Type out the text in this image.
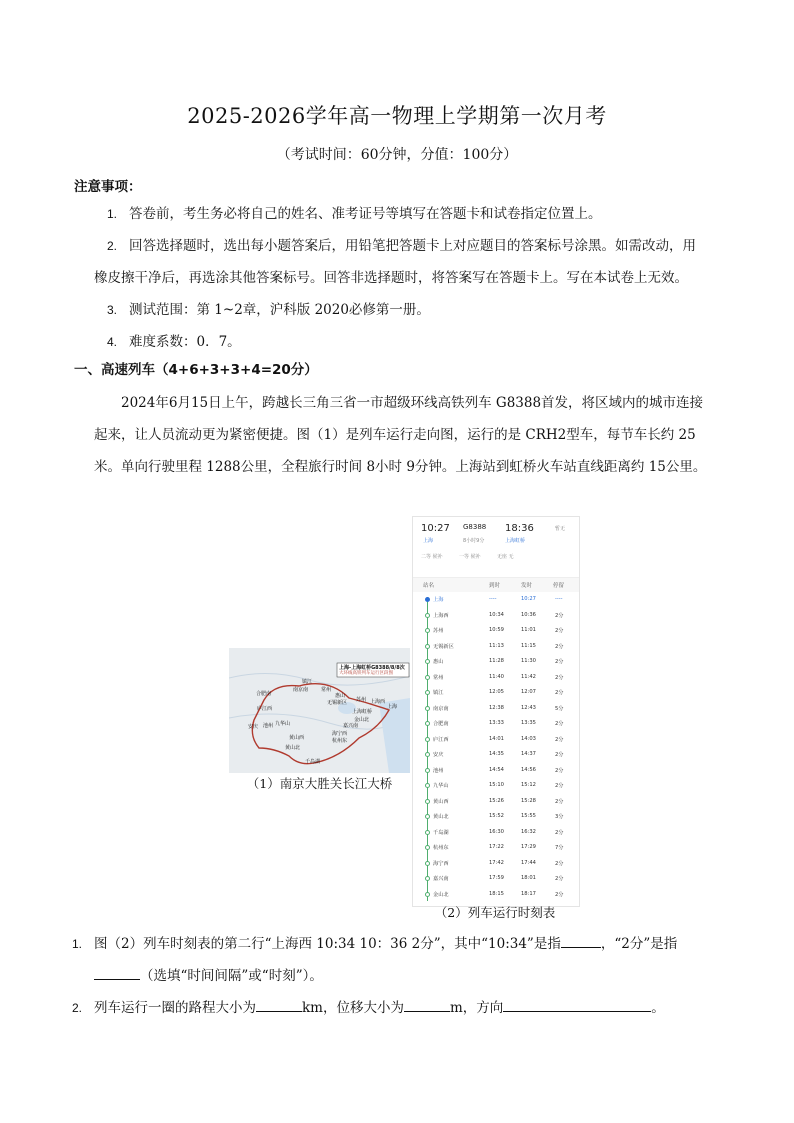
2025-2026学年高一物理上学期第一次月考
（考试时间：60分钟，分值：100分）
注意事项：
1. 答卷前，考生务必将自己的姓名、准考证号等填写在答题卡和试卷指定位置上。
2. 回答选择题时，选出每小题答案后，用铅笔把答题卡上对应题目的答案标号涂黑。如需改动，用
橡皮擦干净后，再选涂其他答案标号。回答非选择题时，将答案写在答题卡上。写在本试卷上无效。
3. 测试范围：第 1~2章，沪科版 2020必修第一册。
4. 难度系数：0．7。
一、高速列车（4+6+3+3+4=20分）
2024年6月15日上午，跨越长三角三省一市超级环线高铁列车 G8388首发，将区域内的城市连接起来，让人员流动更为紧密便捷。图（1）是列车运行走向图，运行的是 CRH2型车，每节车长约 25米。单向行驶里程 1288公里，全程旅行时间 8小时 9分钟。上海站到虹桥火车站直线距离约 15公里。
上海-上海虹桥G8388/8/8次
大环线高铁列车运行区段图
镇江
南京南	常州
合肥南
庐江西
无锡新区 苏州 上海西
上海虹桥
上海
金山北
嘉兴南
海宁西
杭州东
九华山
池州
安庆
黄山西
黄山北
千岛湖
惠山
（1）南京大胜关长江大桥
10:27 G8388 18:36	暂无
上海	8小时9分	上海虹桥
二等 候补	一等 候补	无座 无
站名	到时	发时	停留
上海	----	10:27	----
上海西	10:34	10:36	2分
苏州	10:59	11:01	2分
无锡新区	11:13	11:15	2分
惠山	11:28	11:30	2分
常州	11:40	11:42	2分
镇江	12:05	12:07	2分
南京南	12:38	12:43	5分
合肥南	13:33	13:35	2分
庐江西	14:01	14:03	2分
安庆	14:35	14:37	2分
池州	14:54	14:56	2分
九华山	15:10	15:12	2分
黄山西	15:26	15:28	2分
黄山北	15:52	15:55	3分
千岛湖	16:30	16:32	2分
杭州东	17:22	17:29	7分
海宁西	17:42	17:44	2分
嘉兴南	17:59	18:01	2分
金山北	18:15	18:17	2分
（2）列车运行时刻表
1. 图（2）列车时刻表的第二行“上海西 10:34 10：36 2分”，其中“10:34”是指	，“2分”是指
（选填“时间间隔”或“时刻”）。
2. 列车运行一圈的路程大小为	km，位移大小为	m，方向	。
